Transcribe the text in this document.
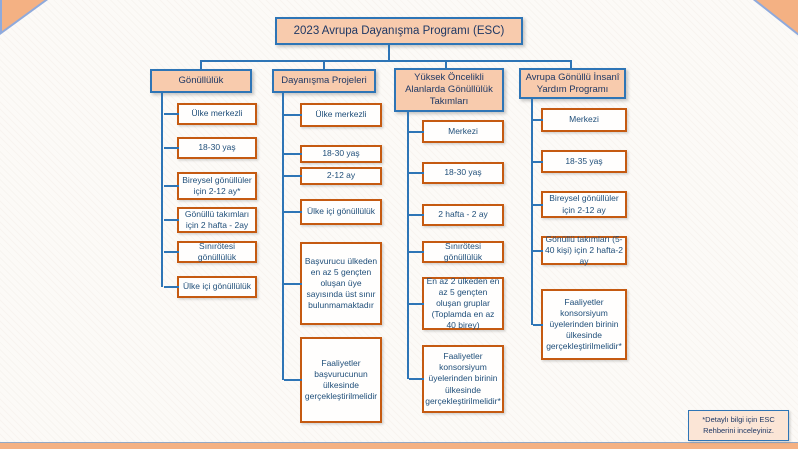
2023 Avrupa Dayanışma Programı (ESC)
Gönüllülük
Ülke merkezli
18-30 yaş
Bireysel gönüllüler için 2-12 ay*
Gönüllü takımları için 2 hafta - 2ay
Sınırötesi gönüllülük
Ülke içi gönüllülük
Dayanışma Projeleri
Ülke merkezli
18-30 yaş
2-12 ay
Ülke içi gönüllülük
Başvurucu ülkeden en az 5 gençten oluşan üye sayısında üst sınır bulunmamaktadır
Faaliyetler başvurucunun ülkesinde gerçekleştirilmelidir
Yüksek Öncelikli Alanlarda Gönüllülük Takımları
Merkezi
18-30 yaş
2 hafta - 2 ay
Sınırötesi gönüllülük
En az 2 ülkeden en az 5 gençten oluşan gruplar (Toplamda en az 40 birey)
Faaliyetler konsorsiyum üyelerinden birinin ülkesinde gerçekleştirilmelidir*
Avrupa Gönüllü İnsanî Yardım Programı
Merkezi
18-35 yaş
Bireysel gönüllüler için 2-12 ay
Gönüllü takımları (5-40 kişi) için 2 hafta-2 ay
Faaliyetler konsorsiyum üyelerinden birinin ülkesinde gerçekleştirilmelidir*
*Detaylı bilgi için ESC Rehberini inceleyiniz.
